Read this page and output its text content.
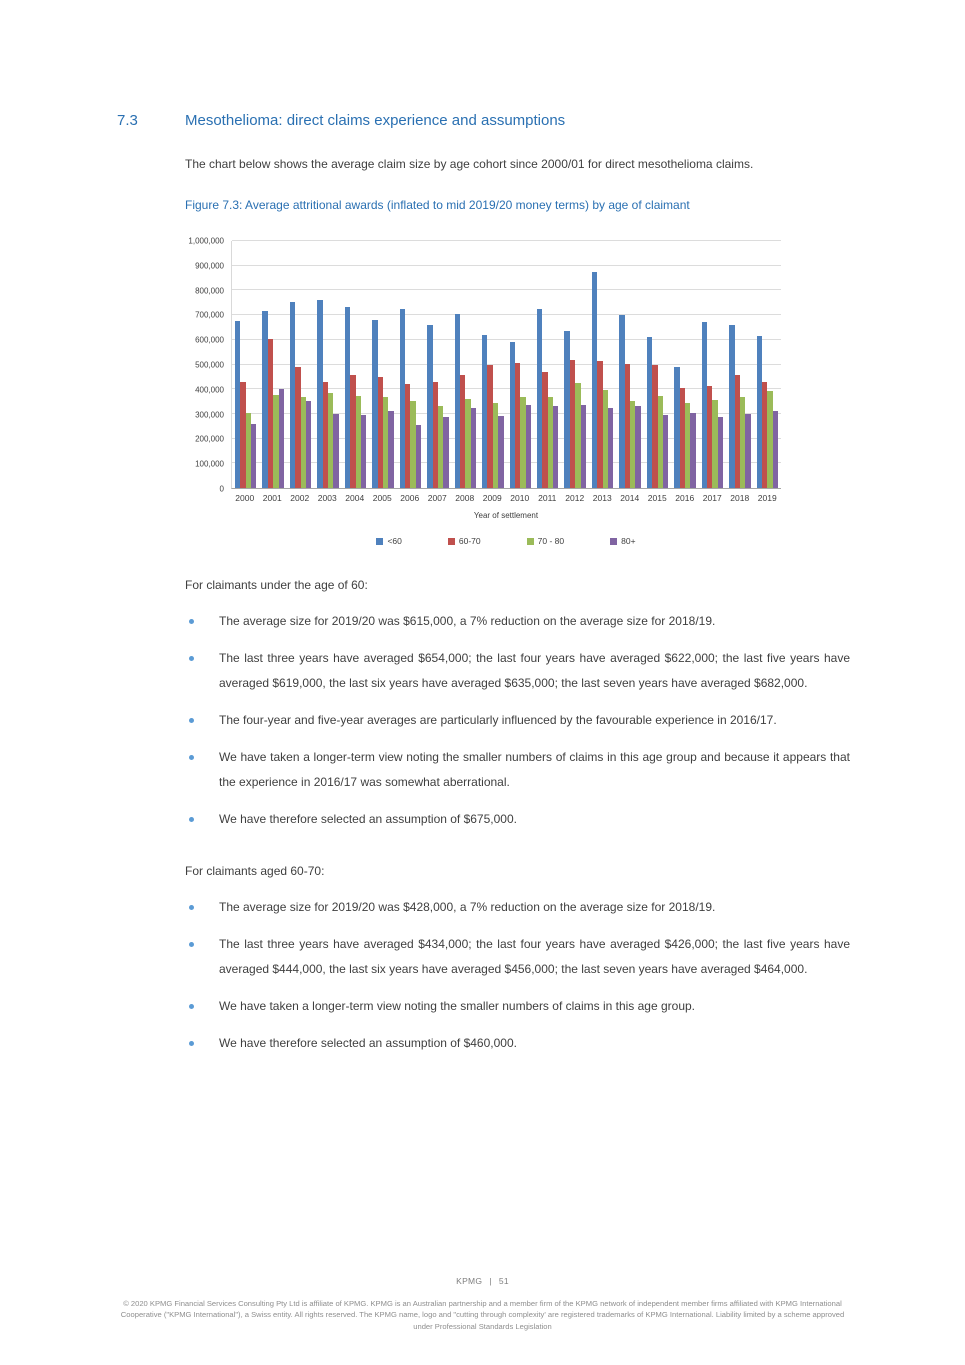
7.3	Mesothelioma: direct claims experience and assumptions

The chart below shows the average claim size by age cohort since 2000/01 for direct mesothelioma claims.

Figure 7.3: Average attritional awards (inflated to mid 2019/20 money terms) by age of claimant

0
100,000
200,000
300,000
400,000
500,000
600,000
700,000
800,000
900,000
1,000,000
2000	2001	2002	2003	2004	2005	2006	2007	2008	2009	2010	2011	2012	2013	2014	2015	2016	2017	2018	2019
Year of settlement
<60	60-70	70 - 80	80+

For claimants under the age of 60:

The average size for 2019/20 was $615,000, a 7% reduction on the average size for 2018/19.
The last three years have averaged $654,000; the last four years have averaged $622,000; the last five years have averaged $619,000, the last six years have averaged $635,000; the last seven years have averaged $682,000.
The four-year and five-year averages are particularly influenced by the favourable experience in 2016/17.
We have taken a longer-term view noting the smaller numbers of claims in this age group and because it appears that the experience in 2016/17 was somewhat aberrational.
We have therefore selected an assumption of $675,000.

For claimants aged 60-70:

The average size for 2019/20 was $428,000, a 7% reduction on the average size for 2018/19.
The last three years have averaged $434,000; the last four years have averaged $426,000; the last five years have averaged $444,000, the last six years have averaged $456,000; the last seven years have averaged $464,000.
We have taken a longer-term view noting the smaller numbers of claims in this age group.
We have therefore selected an assumption of $460,000.
KPMG | 51

© 2020 KPMG Financial Services Consulting Pty Ltd is affiliate of KPMG. KPMG is an Australian partnership and a member firm of the KPMG network of independent member firms affiliated with KPMG International Cooperative ("KPMG International"), a Swiss entity. All rights reserved. The KPMG name, logo and "cutting through complexity' are registered trademarks of KPMG International. Liability limited by a scheme approved under Professional Standards Legislation
